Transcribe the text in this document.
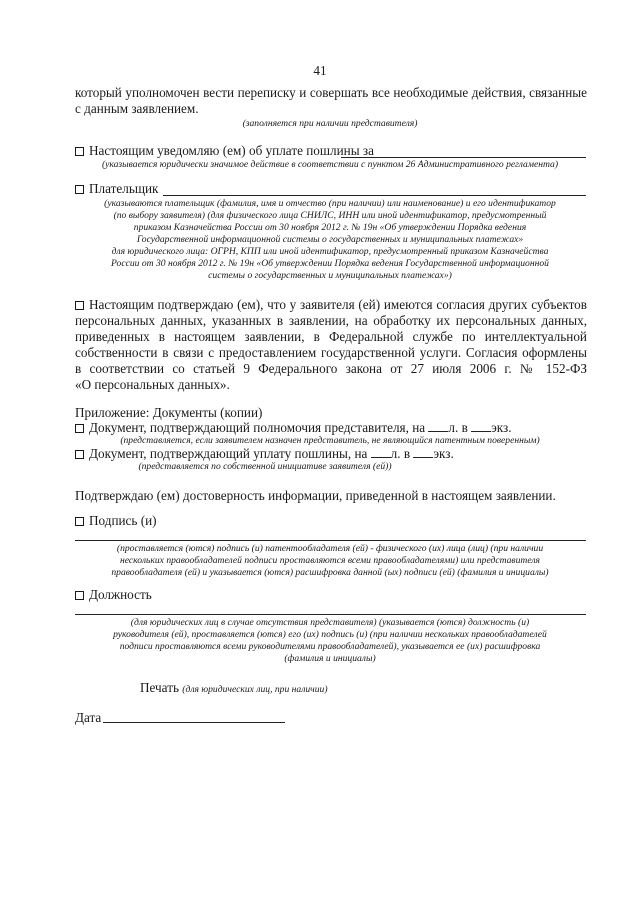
41
который уполномочен вести переписку и совершать все необходимые действия, связанные
с данным заявлением.
(заполняется при наличии представителя)
Настоящим уведомляю (ем) об уплате пошлины за
(указывается юридически значимое действие в соответствии с пунктом 26 Административного регламента)
Плательщик
(указываются плательщик (фамилия, имя и отчество (при наличии) или наименование) и его идентификатор
(по выбору заявителя) (для физического лица СНИЛС, ИНН или иной идентификатор, предусмотренный
приказом Казначейства России от 30 ноября 2012 г. № 19н «Об утверждении Порядка ведения
Государственной информационной системы о государственных и муниципальных платежах»
для юридического лица: ОГРН, КПП или иной идентификатор, предусмотренный приказом Казначейства
России от 30 ноября 2012 г. № 19н «Об утверждении Порядка ведения Государственной информационной
системы о государственных и муниципальных платежах»)
Настоящим подтверждаю (ем), что у заявителя (ей) имеются согласия других субъектов
персональных данных, указанных в заявлении, на обработку их персональных данных,
приведенных в настоящем заявлении, в Федеральной службе по интеллектуальной
собственности в связи с предоставлением государственной услуги. Согласия оформлены
в соответствии со статьей 9 Федерального закона от 27 июля 2006 г. № 152-ФЗ
«О персональных данных».
Приложение: Документы (копии)
Документ, подтверждающий полномочия представителя, на л. в экз.
(представляется, если заявителем назначен представитель, не являющийся патентным поверенным)
Документ, подтверждающий уплату пошлины, на л. в экз.
(представляется по собственной инициативе заявителя (ей))
Подтверждаю (ем) достоверность информации, приведенной в настоящем заявлении.
Подпись (и)
(проставляется (ются) подпись (и) патентообладателя (ей) - физического (их) лица (лиц) (при наличии
нескольких правообладателей подписи проставляются всеми правообладателями) или представителя
правообладателя (ей) и указывается (ются) расшифровка данной (ых) подписи (ей) (фамилия и инициалы)
Должность
(для юридических лиц в случае отсутствия представителя) (указывается (ются) должность (и)
руководителя (ей), проставляется (ются) его (их) подпись (и) (при наличии нескольких правообладателей
подписи проставляются всеми руководителями правообладателей), указывается ее (их) расшифровка
(фамилия и инициалы)
Печать (для юридических лиц, при наличии)
Дата
